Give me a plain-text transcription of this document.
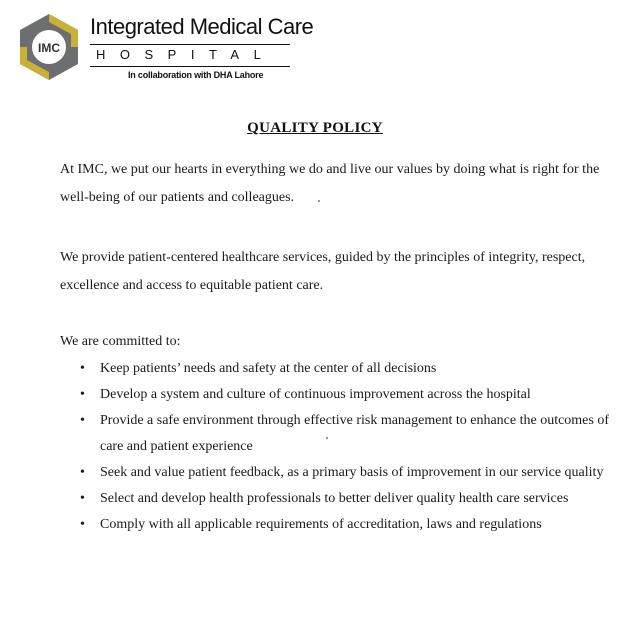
IMC
Integrated Medical Care
HOSPITAL
In collaboration with DHA Lahore
QUALITY POLICY

At IMC, we put our hearts in everything we do and live our values by doing what is right for the well-being of our patients and colleagues.

We provide patient-centered healthcare services, guided by the principles of integrity, respect, excellence and access to equitable patient care.

We are committed to:

• Keep patients’ needs and safety at the center of all decisions
• Develop a system and culture of continuous improvement across the hospital
• Provide a safe environment through effective risk management to enhance the outcomes of care and patient experience
• Seek and value patient feedback, as a primary basis of improvement in our service quality
• Select and develop health professionals to better deliver quality health care services
• Comply with all applicable requirements of accreditation, laws and regulations
